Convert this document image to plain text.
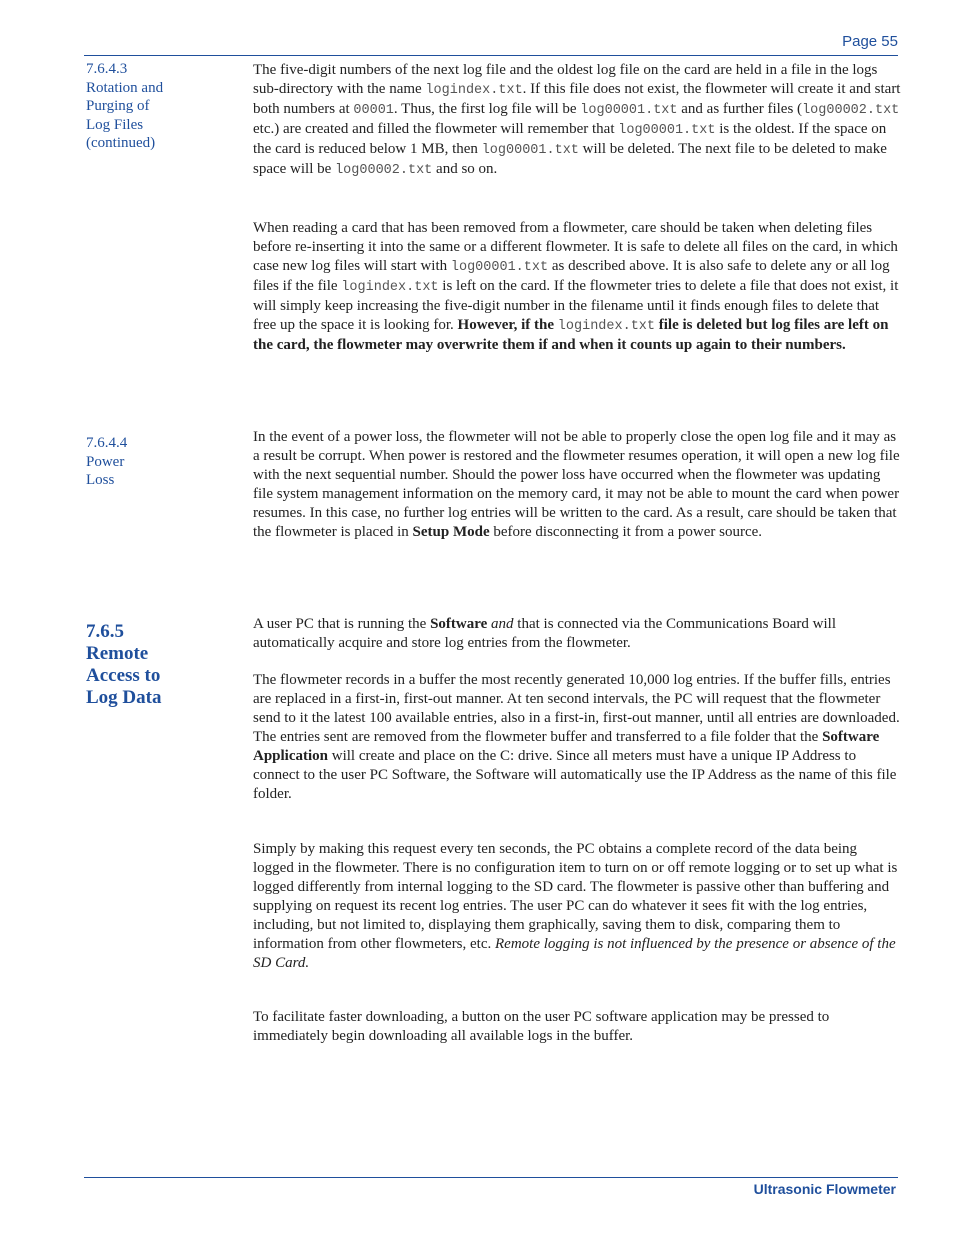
Page 55
7.6.4.3
Rotation and
Purging of
Log Files
(continued)

The five-digit numbers of the next log file and the oldest log file on the card are held in a file in the logs sub-directory with the name logindex.txt. If this file does not exist, the flowmeter will create it and start both numbers at 00001. Thus, the first log file will be log00001.txt and as further files (log00002.txt etc.) are created and filled the flowmeter will remember that log00001.txt is the oldest. If the space on the card is reduced below 1 MB, then log00001.txt will be deleted. The next file to be deleted to make space will be log00002.txt and so on.

When reading a card that has been removed from a flowmeter, care should be taken when deleting files before re-inserting it into the same or a different flowmeter. It is safe to delete all files on the card, in which case new log files will start with log00001.txt as described above. It is also safe to delete any or all log files if the file logindex.txt is left on the card. If the flowmeter tries to delete a file that does not exist, it will simply keep increasing the five-digit number in the filename until it finds enough files to delete that free up the space it is looking for. However, if the logindex.txt file is deleted but log files are left on the card, the flowmeter may overwrite them if and when it counts up again to their numbers.

7.6.4.4
Power
Loss

In the event of a power loss, the flowmeter will not be able to properly close the open log file and it may as a result be corrupt. When power is restored and the flowmeter resumes operation, it will open a new log file with the next sequential number. Should the power loss have occurred when the flowmeter was updating file system management information on the memory card, it may not be able to mount the card when power resumes. In this case, no further log entries will be written to the card. As a result, care should be taken that the flowmeter is placed in Setup Mode before disconnecting it from a power source.

7.6.5
Remote
Access to
Log Data

A user PC that is running the Software and that is connected via the Communications Board will automatically acquire and store log entries from the flowmeter.

The flowmeter records in a buffer the most recently generated 10,000 log entries. If the buffer fills, entries are replaced in a first-in, first-out manner. At ten second intervals, the PC will request that the flowmeter send to it the latest 100 available entries, also in a first-in, first-out manner, until all entries are downloaded. The entries sent are removed from the flowmeter buffer and transferred to a file folder that the Software Application will create and place on the C: drive. Since all meters must have a unique IP Address to connect to the user PC Software, the Software will automatically use the IP Address as the name of this file folder.

Simply by making this request every ten seconds, the PC obtains a complete record of the data being logged in the flowmeter. There is no configuration item to turn on or off remote logging or to set up what is logged differently from internal logging to the SD card. The flowmeter is passive other than buffering and supplying on request its recent log entries. The user PC can do whatever it sees fit with the log entries, including, but not limited to, displaying them graphically, saving them to disk, comparing them to information from other flowmeters, etc. Remote logging is not influenced by the presence or absence of the SD Card.

To facilitate faster downloading, a button on the user PC software application may be pressed to immediately begin downloading all available logs in the buffer.

Ultrasonic Flowmeter
